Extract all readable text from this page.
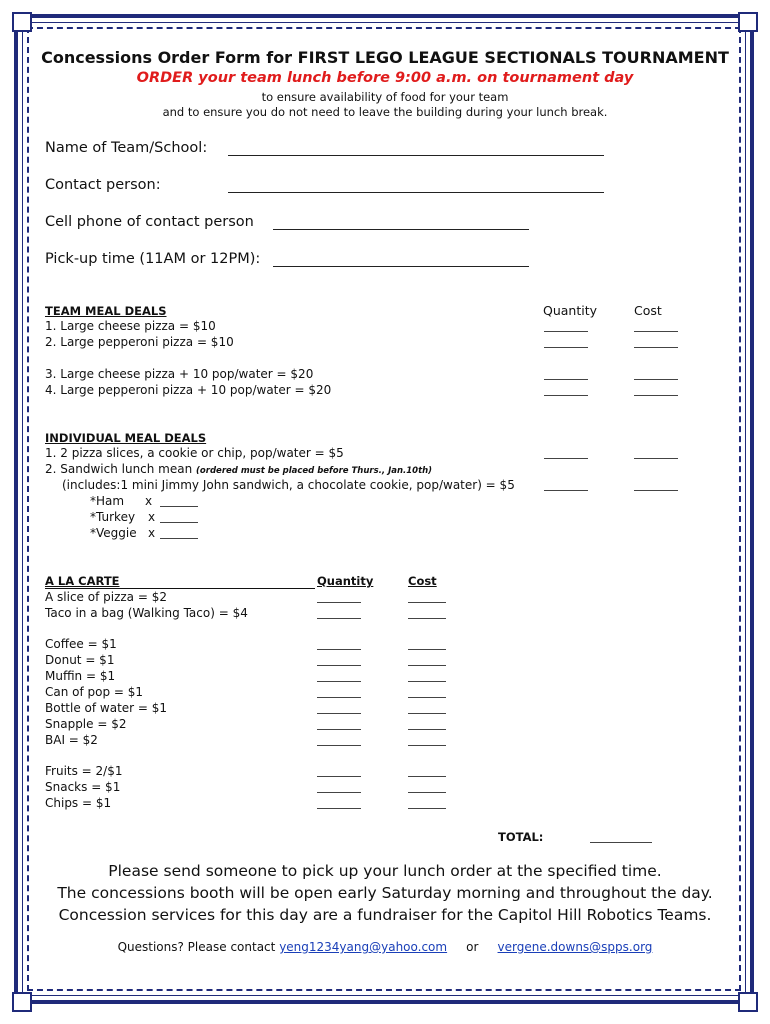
Concessions Order Form for FIRST LEGO LEAGUE SECTIONALS TOURNAMENT
ORDER your team lunch before 9:00 a.m. on tournament day
to ensure availability of food for your team
and to ensure you do not need to leave the building during your lunch break.
Name of Team/School:
Contact person:
Cell phone of contact person
Pick-up time (11AM or 12PM):
TEAM MEAL DEALS	Quantity	Cost
1. Large cheese pizza = $10
2. Large pepperoni pizza = $10
3. Large cheese pizza + 10 pop/water = $20
4. Large pepperoni pizza + 10 pop/water = $20
INDIVIDUAL MEAL DEALS
1. 2 pizza slices, a cookie or chip, pop/water = $5
2. Sandwich lunch mean (ordered must be placed before Thurs., Jan.10th)
(includes:1 mini Jimmy John sandwich, a chocolate cookie, pop/water) = $5
*Ham x
*Turkey x
*Veggie x
A LA CARTE	Quantity	Cost
A slice of pizza = $2
Taco in a bag (Walking Taco) = $4
Coffee = $1
Donut = $1
Muffin = $1
Can of pop = $1
Bottle of water = $1
Snapple = $2
BAI = $2
Fruits = 2/$1
Snacks = $1
Chips = $1
TOTAL:
Please send someone to pick up your lunch order at the specified time.
The concessions booth will be open early Saturday morning and throughout the day.
Concession services for this day are a fundraiser for the Capitol Hill Robotics Teams.
Questions? Please contact yeng1234yang@yahoo.com or vergene.downs@spps.org
